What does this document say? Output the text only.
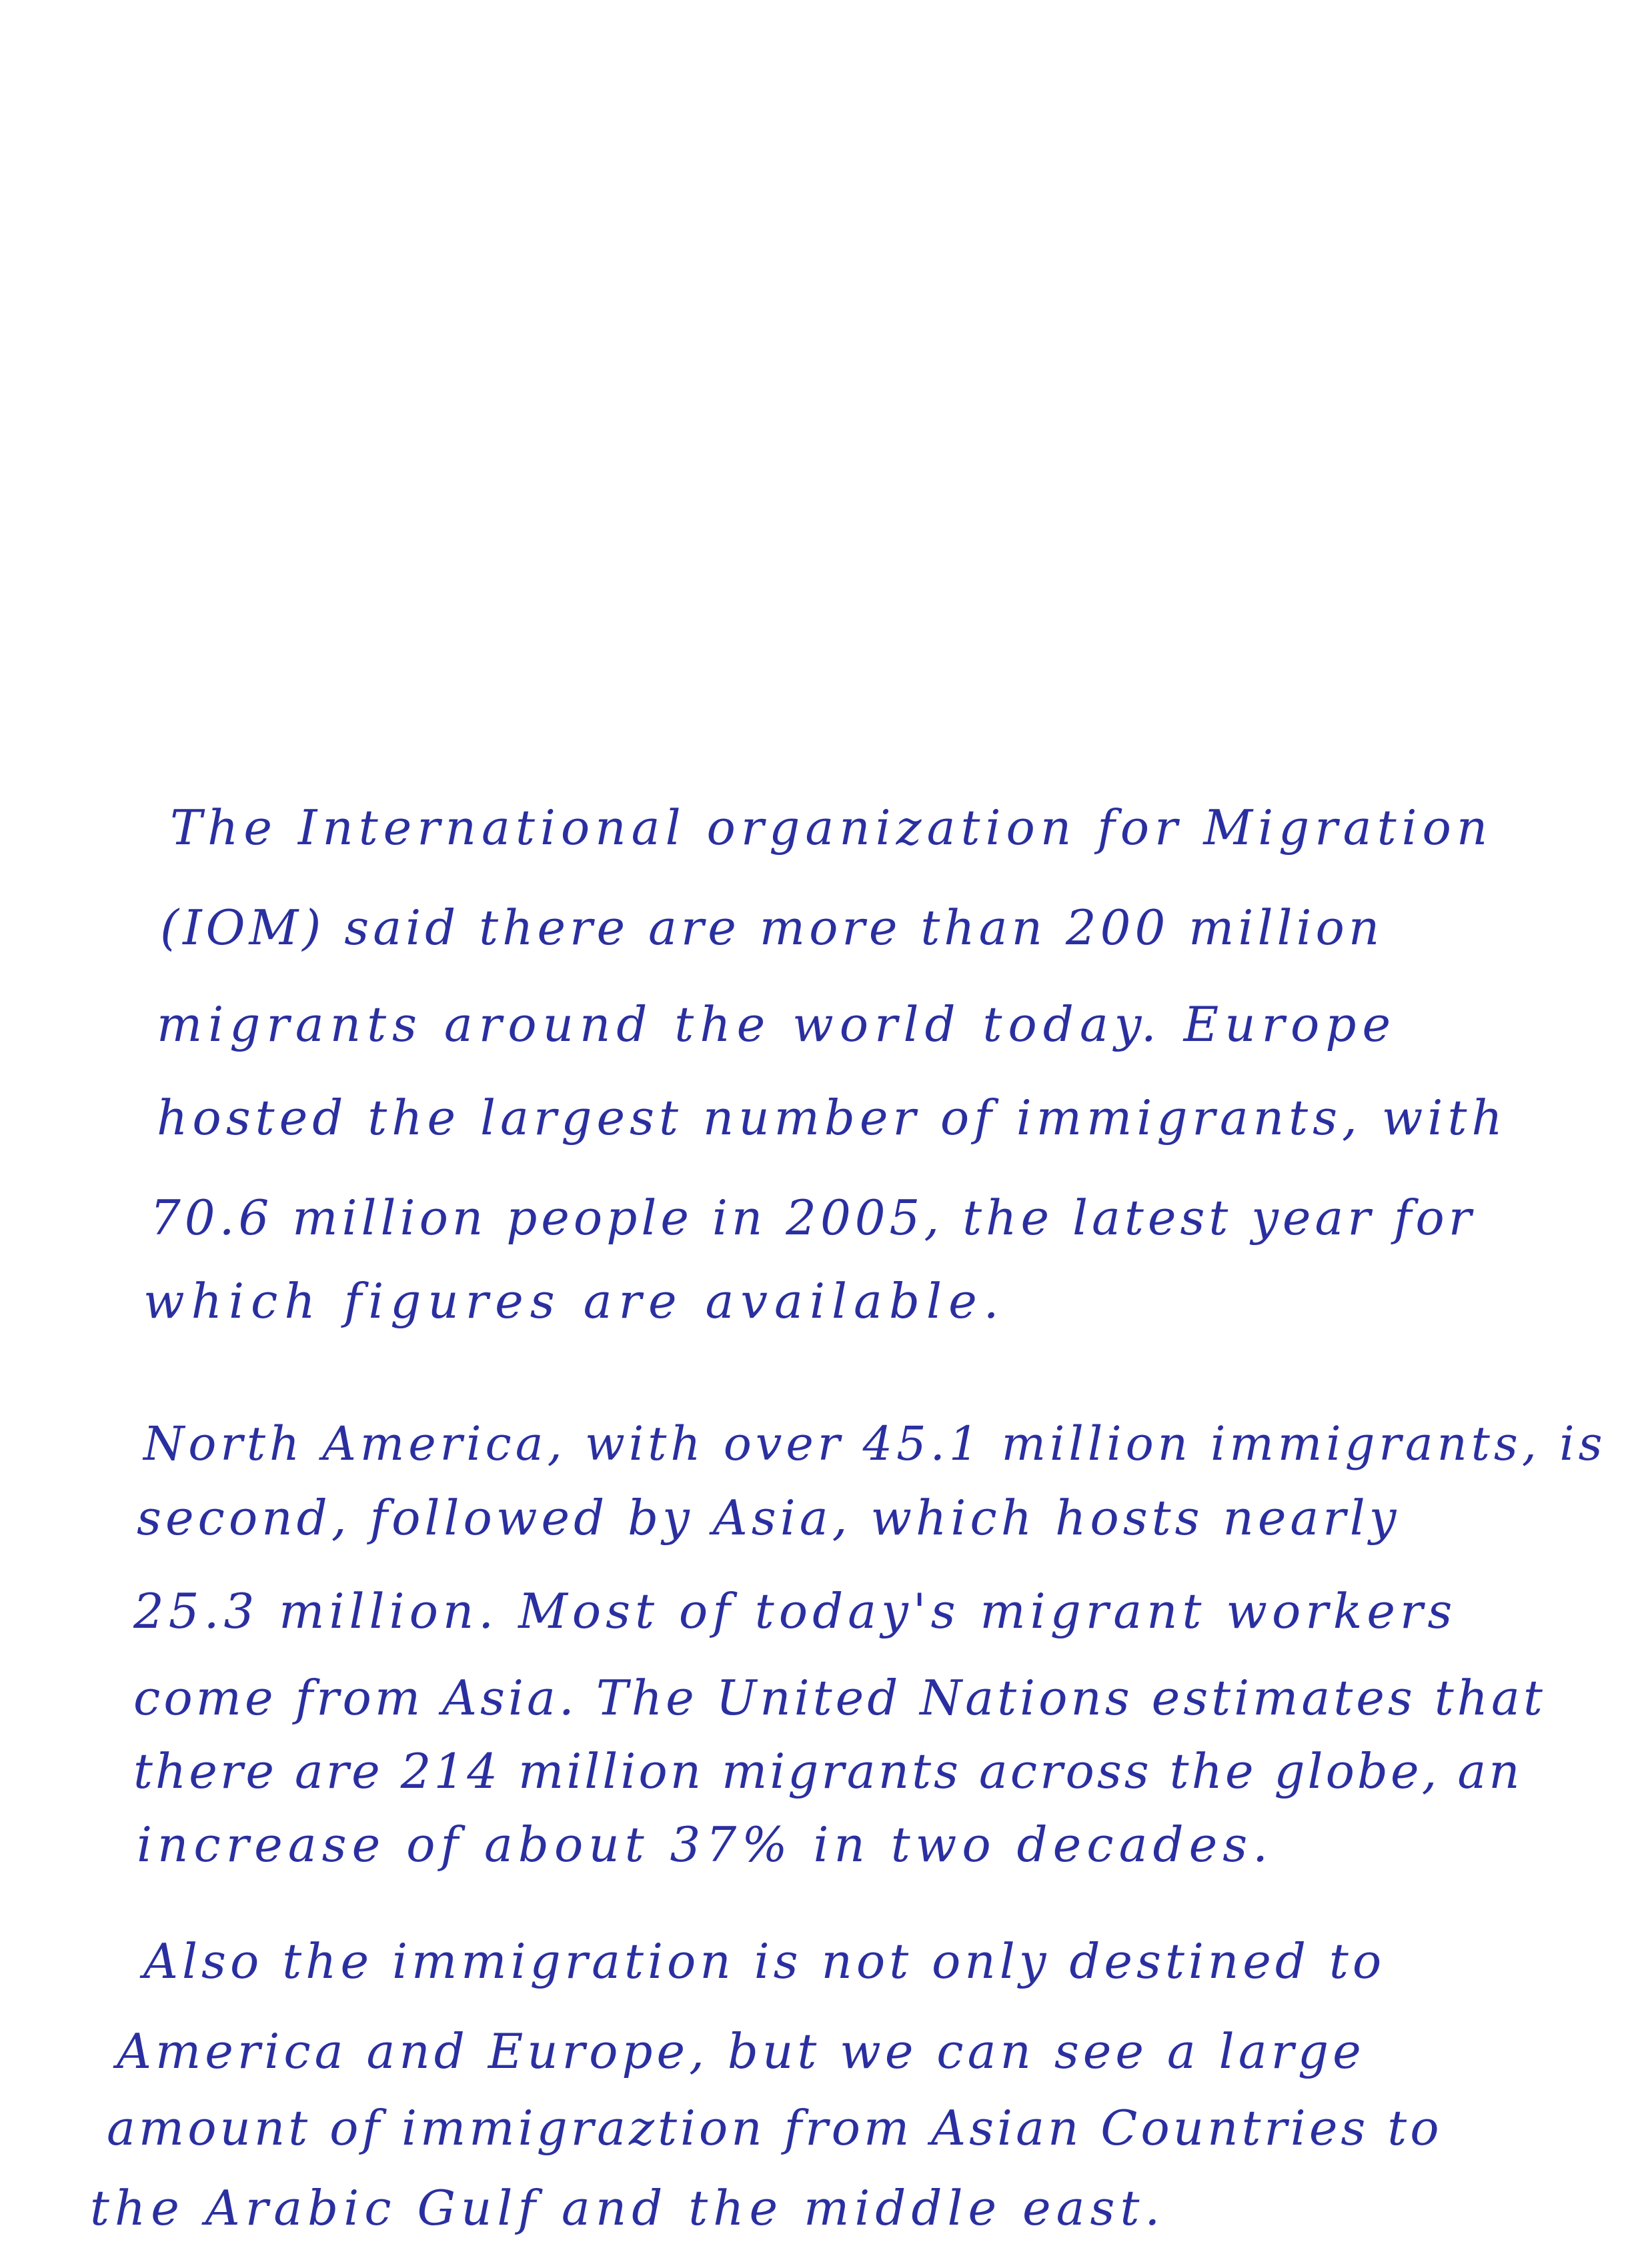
The International organization for Migration
(IOM) said there are more than 200 million
migrants around the world today. Europe
hosted the largest number of immigrants, with
70.6 million people in 2005, the latest year for
which figures are available.
North America, with over 45.1 million immigrants, is
second, followed by Asia, which hosts nearly
25.3 million. Most of today's migrant workers
come from Asia. The United Nations estimates that
there are 214 million migrants across the globe, an
increase of about 37% in two decades.
Also the immigration is not only destined to
America and Europe, but we can see a large
amount of immigraztion from Asian Countries to
the Arabic Gulf and the middle east.
